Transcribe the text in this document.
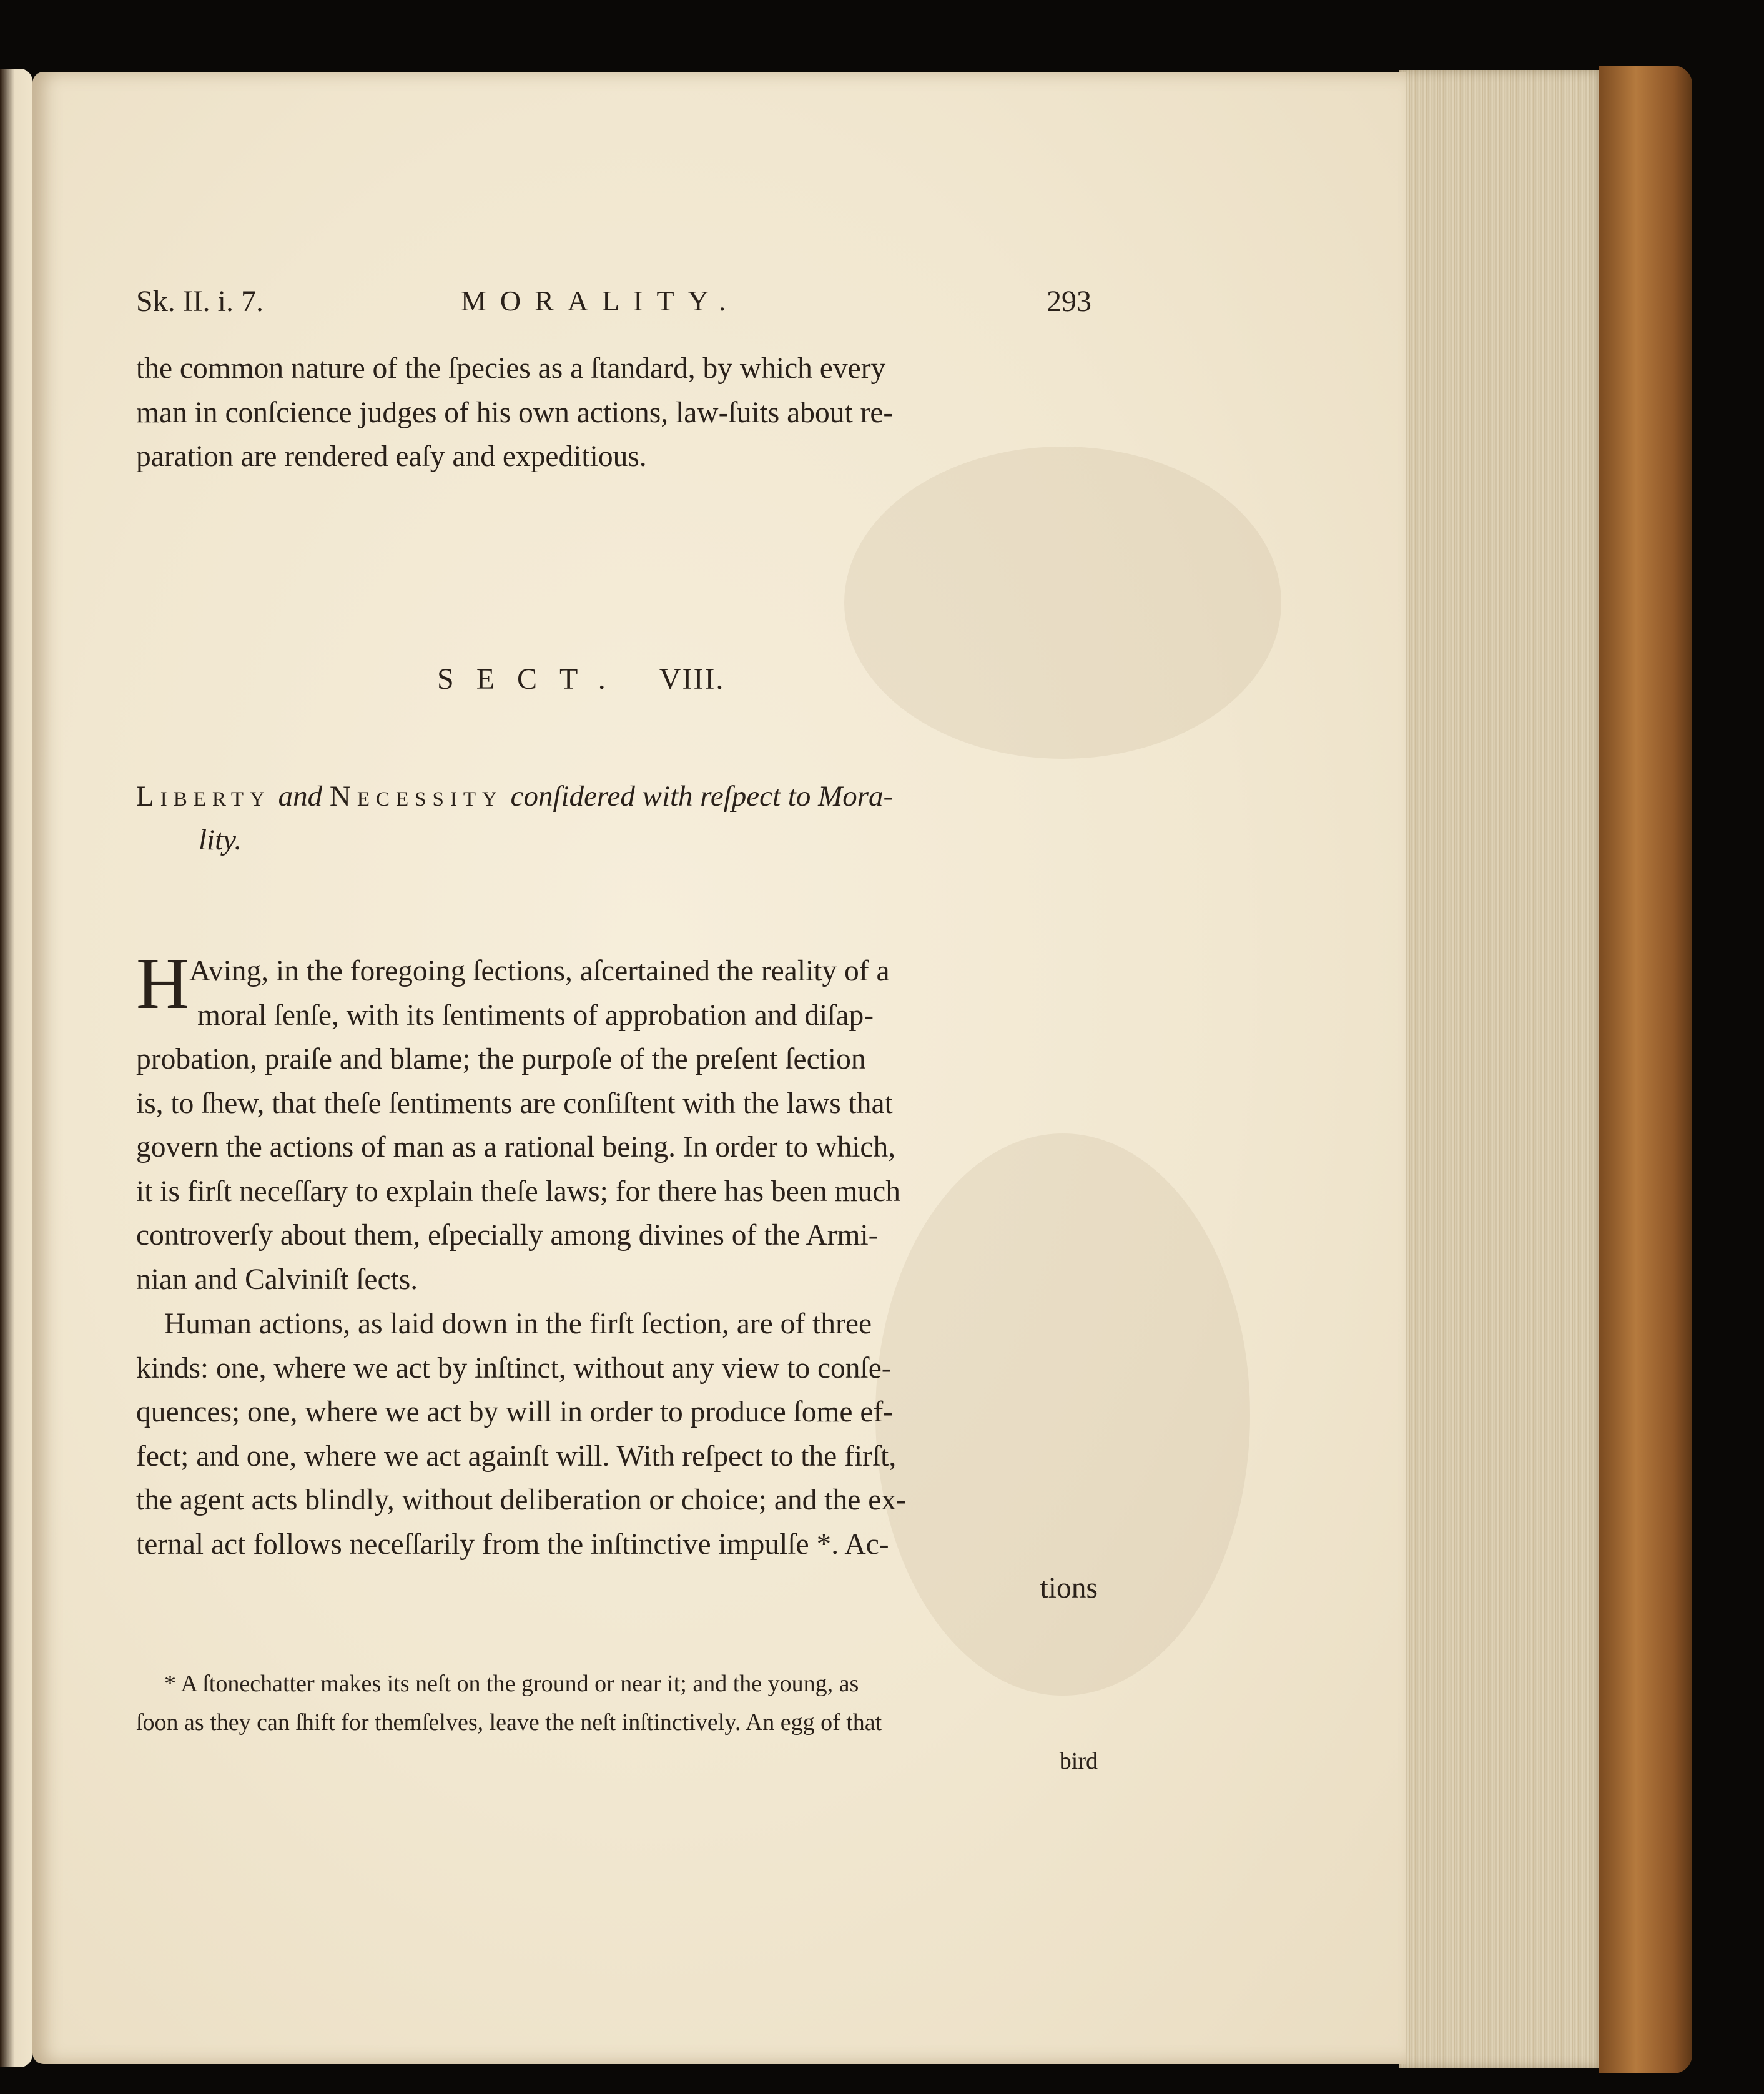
Sk. II. i. 7.	MORALITY.	293
the common nature of the ſpecies as a ſtandard, by which every
man in conſcience judges of his own actions, law-ſuits about re-
paration are rendered eaſy and expeditious.
SECT. VIII.
Liberty and Necessity conſidered with reſpect to Mora-
lity.
H Aving, in the foregoing ſections, aſcertained the reality of a
moral ſenſe, with its ſentiments of approbation and diſap-
probation, praiſe and blame; the purpoſe of the preſent ſection
is, to ſhew, that theſe ſentiments are conſiſtent with the laws that
govern the actions of man as a rational being. In order to which,
it is firſt neceſſary to explain theſe laws; for there has been much
controverſy about them, eſpecially among divines of the Armi-
nian and Calviniſt ſects.
Human actions, as laid down in the firſt ſection, are of three
kinds: one, where we act by inſtinct, without any view to conſe-
quences; one, where we act by will in order to produce ſome ef-
fect; and one, where we act againſt will. With reſpect to the firſt,
the agent acts blindly, without deliberation or choice; and the ex-
ternal act follows neceſſarily from the inſtinctive impulſe *. Ac-
tions
* A ſtonechatter makes its neſt on the ground or near it; and the young, as
ſoon as they can ſhift for themſelves, leave the neſt inſtinctively. An egg of that
bird
